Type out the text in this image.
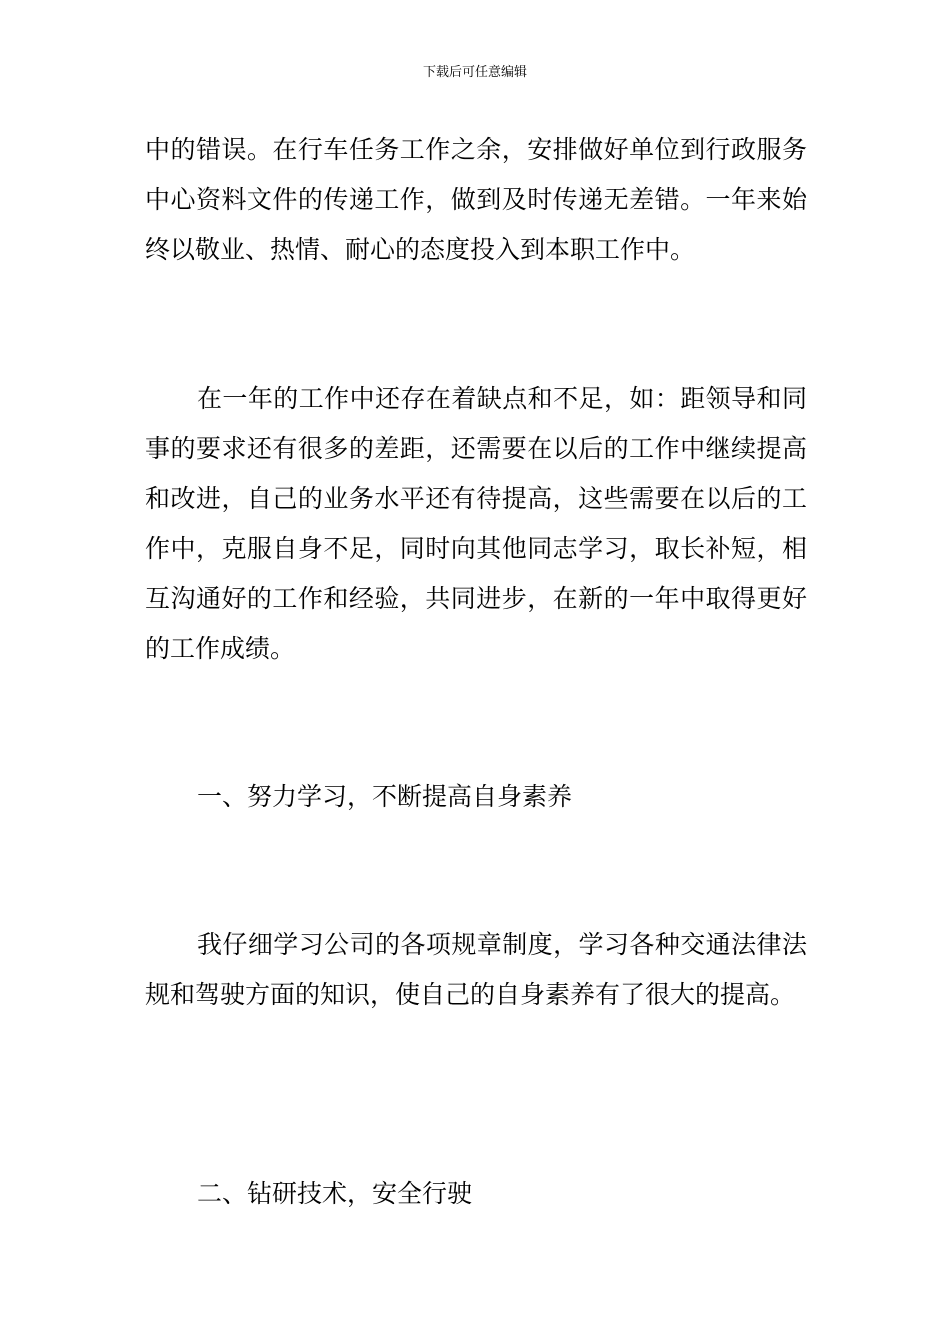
下载后可任意编辑

中的错误。在行车任务工作之余，安排做好单位到行政服务中心资料文件的传递工作，做到及时传递无差错。一年来始终以敬业、热情、耐心的态度投入到本职工作中。

在一年的工作中还存在着缺点和不足，如：距领导和同事的要求还有很多的差距，还需要在以后的工作中继续提高和改进，自己的业务水平还有待提高，这些需要在以后的工作中，克服自身不足，同时向其他同志学习，取长补短，相互沟通好的工作和经验，共同进步，在新的一年中取得更好的工作成绩。

一、努力学习，不断提高自身素养

我仔细学习公司的各项规章制度，学习各种交通法律法规和驾驶方面的知识，使自己的自身素养有了很大的提高。

二、钻研技术，安全行驶
